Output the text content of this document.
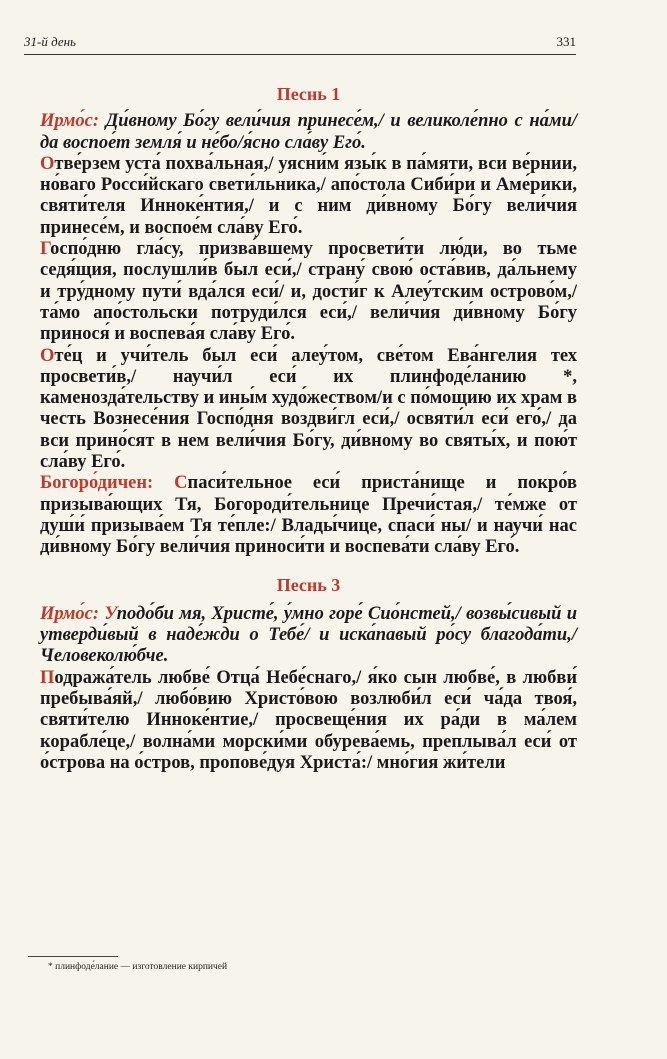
31-й день	331
Песнь 1

Ирмо́с: Ди́вному Бо́гу вели́чия принесе́м,/ и великоле́пно с на́ми/да воспое́т земля́ и не́бо/я́сно сла́ву Его́.

Отве́рзем уста́ похва́льная,/ уясни́м язы́к в па́мяти, вси ве́рнии, но́ваго Росси́йскаго свети́льника,/ апо́стола Сиби́ри и Аме́рики, святи́теля Инноке́нтия,/ и с ним ди́вному Бо́гу вели́чия принесе́м, и воспое́м сла́ву Его́.

Госпо́дню гла́су, призва́вшему просвети́ти лю́ди, во тьме седя́щия, послушли́в был еси́,/ страну́ свою́ оста́вив, да́льнему и тру́дному пути́ вда́лся еси́/ и, дости́г к Алеу́тским острово́м,/ та́мо апо́стольски потруди́лся еси́,/ вели́чия ди́вному Бо́гу принося́ и воспева́я сла́ву Его́.

Оте́ц и учи́тель был еси́ алеу́том, све́том Ева́нгелия тех просвети́в,/ научи́л еси́ их плинфоде́ланию *, каменозда́тельству и ины́м худо́жеством/и с по́мощию их храм в честь Вознесе́ния Госпо́дня воздви́гл еси́,/ освяти́л еси́ его́,/ да вси прино́сят в нем вели́чия Бо́гу, ди́вному во святы́х, и пою́т сла́ву Его́.

Богоро́дичен: Спаси́тельное еси́ приста́нище и покро́в призыва́ющих Тя, Богороди́тельнице Пречи́стая,/ те́мже от душ́и́ призыва́ем Тя те́пле:/ Влады́чице, спаси́ ны/ и научи́ нас ди́вному Бо́гу вели́чия приноси́ти и воспева́ти сла́ву Его́.

Песнь 3

Ирмо́с: Уподо́би мя, Христе́, у́мно горе́ Сио́нстей,/ возвы́сивый и утверди́вый в наде́жди о Тебе́/ и иска́павый ро́су благода́ти,/ Человеколю́бче.

Подража́тель любве́ Отца́ Небе́снаго,/ я́ко сын любве́, в любви́ пребыва́яй,/ любо́вию Христо́вою возлюби́л еси́ ча́да твоя́, святи́телю Инноке́нтие,/ просвеще́ния их ра́ди в ма́лем корабле́це,/ волна́ми морски́ми обурева́емь, преплыва́л еси́ от о́строва на о́стров, пропове́дуя Христа́:/ мно́гия жи́тели

* плинфоде́лание — изготовление кирпичей
